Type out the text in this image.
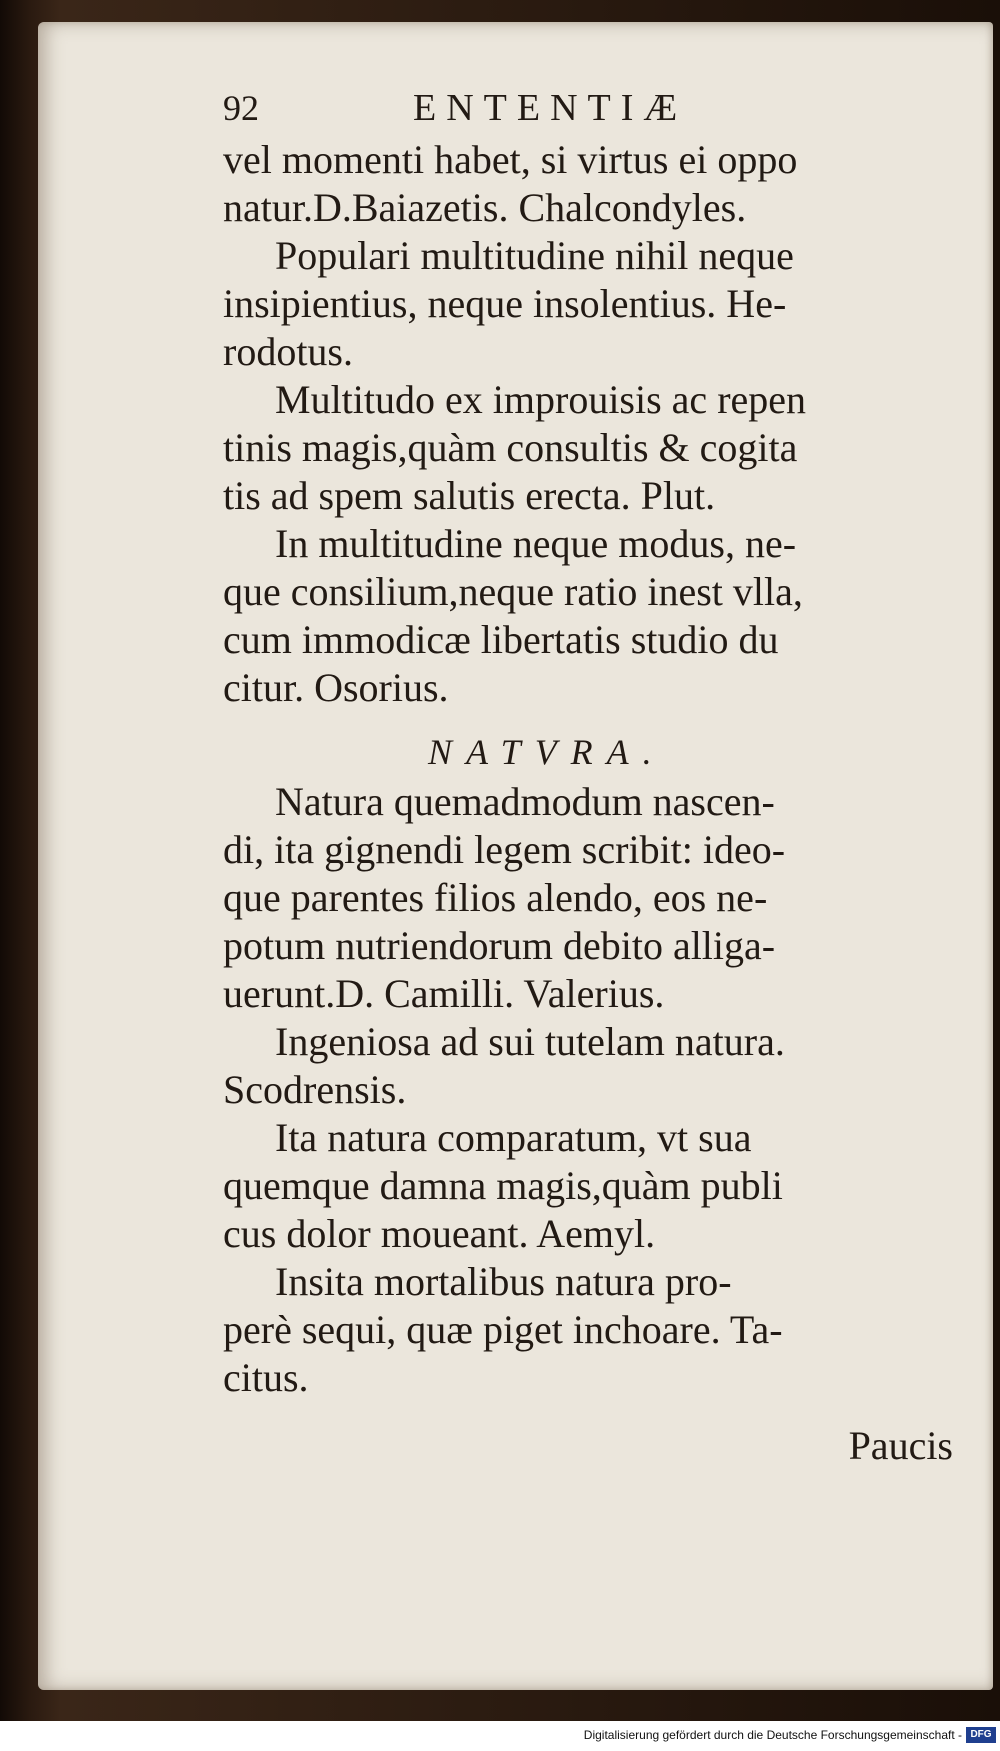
92	ENTENTIÆ
vel momenti habet, si virtus ei oppo
natur.D.Baiazetis. Chalcondyles.
Populari multitudine nihil neque
insipientius, neque insolentius. He-
rodotus.
Multitudo ex improuisis ac repen
tinis magis,quàm consultis & cogita
tis ad spem salutis erecta. Plut.
In multitudine neque modus, ne-
que consilium,neque ratio inest vlla,
cum immodicæ libertatis studio du
citur. Osorius.
NATVRA.
Natura quemadmodum nascen-
di, ita gignendi legem scribit: ideo-
que parentes filios alendo, eos ne-
potum nutriendorum debito alliga-
uerunt.D. Camilli. Valerius.
Ingeniosa ad sui tutelam natura.
Scodrensis.
Ita natura comparatum, vt sua
quemque damna magis,quàm publi
cus dolor moueant. Aemyl.
Insita mortalibus natura pro-
perè sequi, quæ piget inchoare. Ta-
citus.
Paucis
Digitalisierung gefördert durch die Deutsche Forschungsgemeinschaft - DFG
